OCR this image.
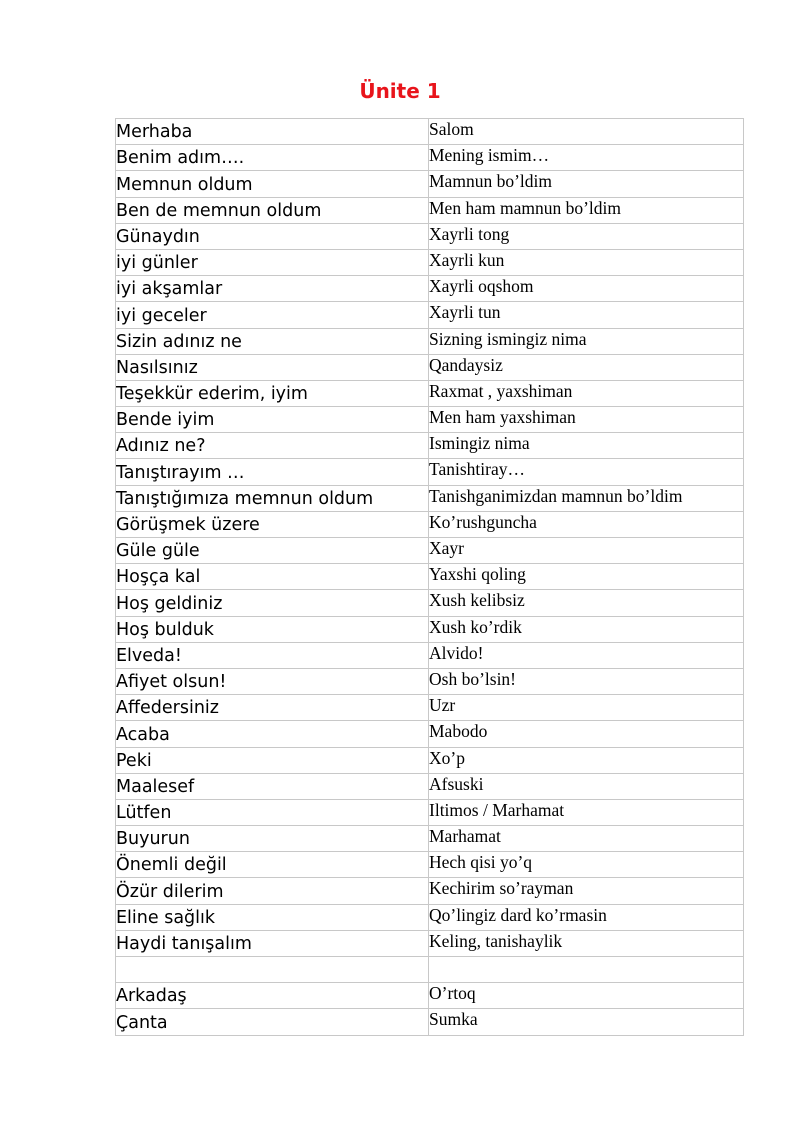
Ünite 1
Merhaba	Salom
Benim adım….	Mening ismim…
Memnun oldum	Mamnun bo’ldim
Ben de memnun oldum	Men ham mamnun bo’ldim
Günaydın	Xayrli tong
iyi günler	Xayrli kun
iyi akşamlar	Xayrli oqshom
iyi geceler	Xayrli tun
Sizin adınız ne	Sizning ismingiz nima
Nasılsınız	Qandaysiz
Teşekkür ederim, iyim	Raxmat , yaxshiman
Bende iyim	Men ham yaxshiman
Adınız ne?	Ismingiz nima
Tanıştırayım …	Tanishtiray…
Tanıştığımıza memnun oldum	Tanishganimizdan mamnun bo’ldim
Görüşmek üzere	Ko’rushguncha
Güle güle	Xayr
Hoşça kal	Yaxshi qoling
Hoş geldiniz	Xush kelibsiz
Hoş bulduk	Xush ko’rdik
Elveda!	Alvido!
Afiyet olsun!	Osh bo’lsin!
Affedersiniz	Uzr
Acaba	Mabodo
Peki	Xo’p
Maalesef	Afsuski
Lütfen	Iltimos / Marhamat
Buyurun	Marhamat
Önemli değil	Hech qisi yo’q
Özür dilerim	Kechirim so’rayman
Eline sağlık	Qo’lingiz dard ko’rmasin
Haydi tanışalım	Keling, tanishaylik

Arkadaş	O’rtoq
Çanta	Sumka
